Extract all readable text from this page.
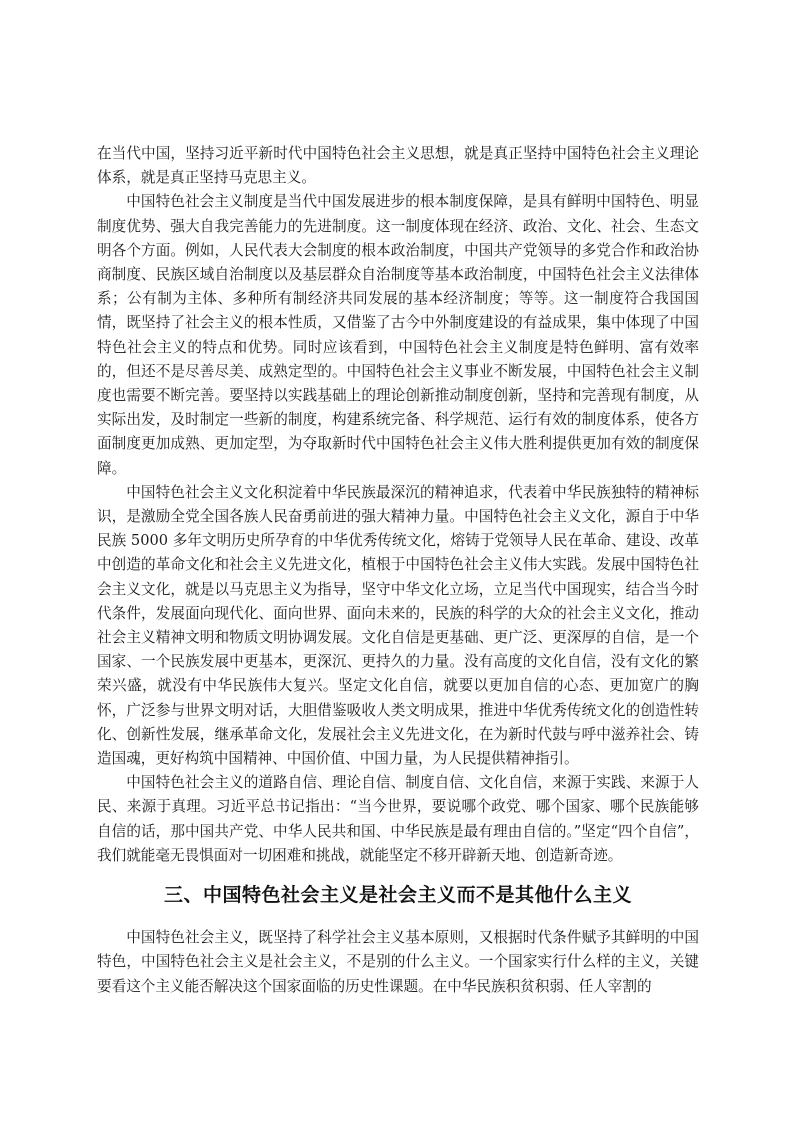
在当代中国，坚持习近平新时代中国特色社会主义思想，就是真正坚持中国特色社会主义理论体系，就是真正坚持马克思主义。

中国特色社会主义制度是当代中国发展进步的根本制度保障，是具有鲜明中国特色、明显制度优势、强大自我完善能力的先进制度。这一制度体现在经济、政治、文化、社会、生态文明各个方面。例如，人民代表大会制度的根本政治制度，中国共产党领导的多党合作和政治协商制度、民族区域自治制度以及基层群众自治制度等基本政治制度，中国特色社会主义法律体系；公有制为主体、多种所有制经济共同发展的基本经济制度；等等。这一制度符合我国国情，既坚持了社会主义的根本性质，又借鉴了古今中外制度建设的有益成果，集中体现了中国特色社会主义的特点和优势。同时应该看到，中国特色社会主义制度是特色鲜明、富有效率的，但还不是尽善尽美、成熟定型的。中国特色社会主义事业不断发展，中国特色社会主义制度也需要不断完善。要坚持以实践基础上的理论创新推动制度创新，坚持和完善现有制度，从实际出发，及时制定一些新的制度，构建系统完备、科学规范、运行有效的制度体系，使各方面制度更加成熟、更加定型，为夺取新时代中国特色社会主义伟大胜利提供更加有效的制度保障。

中国特色社会主义文化积淀着中华民族最深沉的精神追求，代表着中华民族独特的精神标识，是激励全党全国各族人民奋勇前进的强大精神力量。中国特色社会主义文化，源自于中华民族 5000 多年文明历史所孕育的中华优秀传统文化，熔铸于党领导人民在革命、建设、改革中创造的革命文化和社会主义先进文化，植根于中国特色社会主义伟大实践。发展中国特色社会主义文化，就是以马克思主义为指导，坚守中华文化立场，立足当代中国现实，结合当今时代条件，发展面向现代化、面向世界、面向未来的，民族的科学的大众的社会主义文化，推动社会主义精神文明和物质文明协调发展。文化自信是更基础、更广泛、更深厚的自信，是一个国家、一个民族发展中更基本，更深沉、更持久的力量。没有高度的文化自信，没有文化的繁荣兴盛，就没有中华民族伟大复兴。坚定文化自信，就要以更加自信的心态、更加宽广的胸怀，广泛参与世界文明对话，大胆借鉴吸收人类文明成果，推进中华优秀传统文化的创造性转化、创新性发展，继承革命文化，发展社会主义先进文化，在为新时代鼓与呼中滋养社会、铸造国魂，更好构筑中国精神、中国价值、中国力量，为人民提供精神指引。

中国特色社会主义的道路自信、理论自信、制度自信、文化自信，来源于实践、来源于人民、来源于真理。习近平总书记指出：“当今世界，要说哪个政党、哪个国家、哪个民族能够自信的话，那中国共产党、中华人民共和国、中华民族是最有理由自信的。”坚定“四个自信”，我们就能毫无畏惧面对一切困难和挑战，就能坚定不移开辟新天地、创造新奇迹。

三、中国特色社会主义是社会主义而不是其他什么主义

中国特色社会主义，既坚持了科学社会主义基本原则，又根据时代条件赋予其鲜明的中国特色，中国特色社会主义是社会主义，不是别的什么主义。一个国家实行什么样的主义，关键要看这个主义能否解决这个国家面临的历史性课题。在中华民族积贫积弱、任人宰割的
